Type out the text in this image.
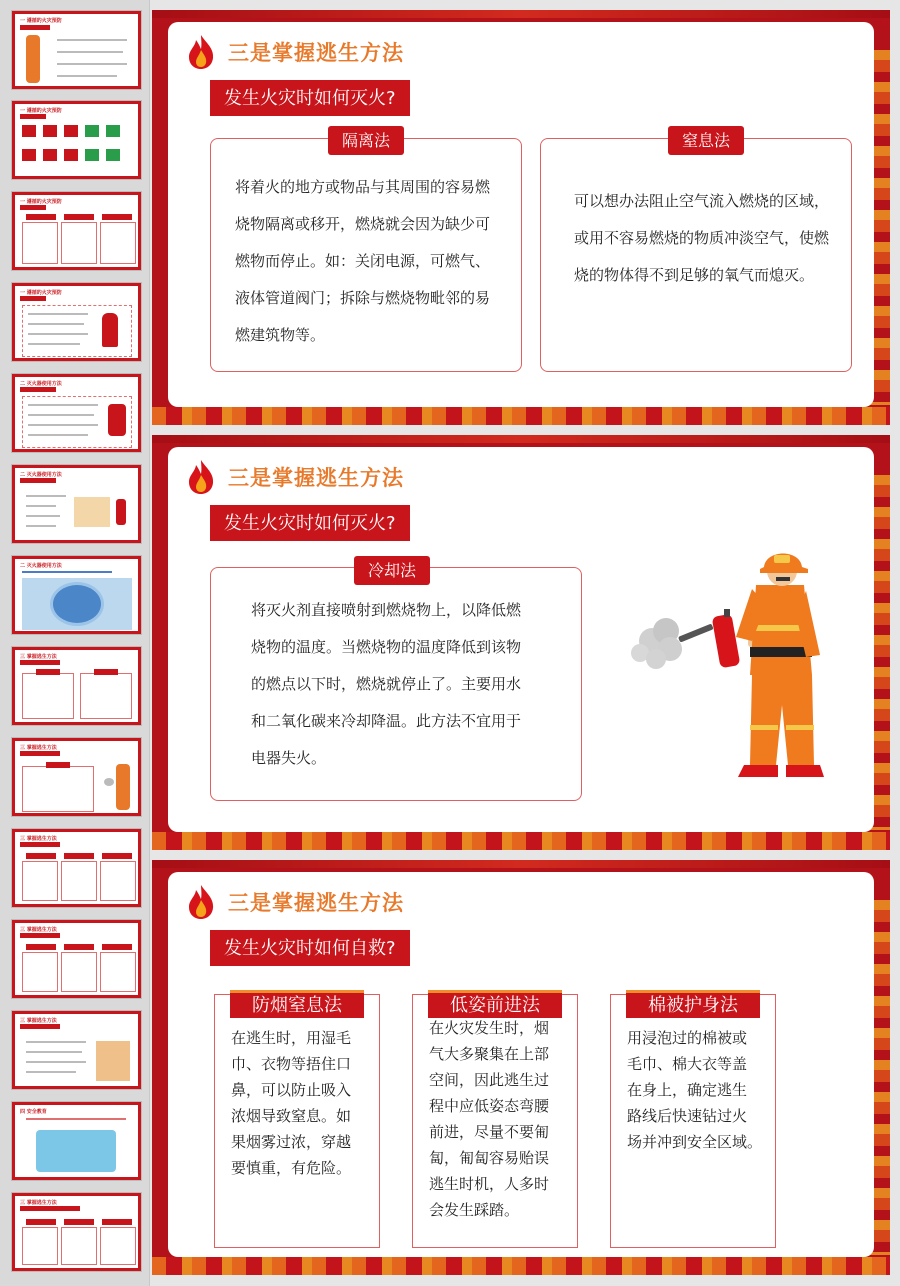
一 遵循的火灾预防
一 遵循的火灾预防
一 遵循的火灾预防
一 遵循的火灾预防
二 灭火器使用方法
二 灭火器使用方法
二 灭火器使用方法
三 掌握逃生方法
三 掌握逃生方法
三 掌握逃生方法
三 掌握逃生方法
三 掌握逃生方法
四 安全教育
三 掌握逃生方法
三是掌握逃生方法
发生火灾时如何灭火?
将着火的地方或物品与其周围的容易燃
烧物隔离或移开，燃烧就会因为缺少可
燃物而停止。如：关闭电源，可燃气、
液体管道阀门；拆除与燃烧物毗邻的易
燃建筑物等。
隔离法
可以想办法阻止空气流入燃烧的区域，
或用不容易燃烧的物质冲淡空气，使燃
烧的物体得不到足够的氧气而熄灭。
窒息法
三是掌握逃生方法
发生火灾时如何灭火?
将灭火剂直接喷射到燃烧物上，以降低燃
烧物的温度。当燃烧物的温度降低到该物
的燃点以下时，燃烧就停止了。主要用水
和二氧化碳来冷却降温。此方法不宜用于
电器失火。
冷却法
三是掌握逃生方法
发生火灾时如何自救?
在逃生时，用湿毛
巾、衣物等捂住口
鼻，可以防止吸入
浓烟导致窒息。如
果烟雾过浓，穿越
要慎重，有危险。
防烟窒息法
在火灾发生时，烟
气大多聚集在上部
空间，因此逃生过
程中应低姿态弯腰
前进，尽量不要匍
匐，匍匐容易贻误
逃生时机，人多时
会发生踩踏。
低姿前进法
用浸泡过的棉被或
毛巾、棉大衣等盖
在身上，确定逃生
路线后快速钻过火
场并冲到安全区域。
棉被护身法
